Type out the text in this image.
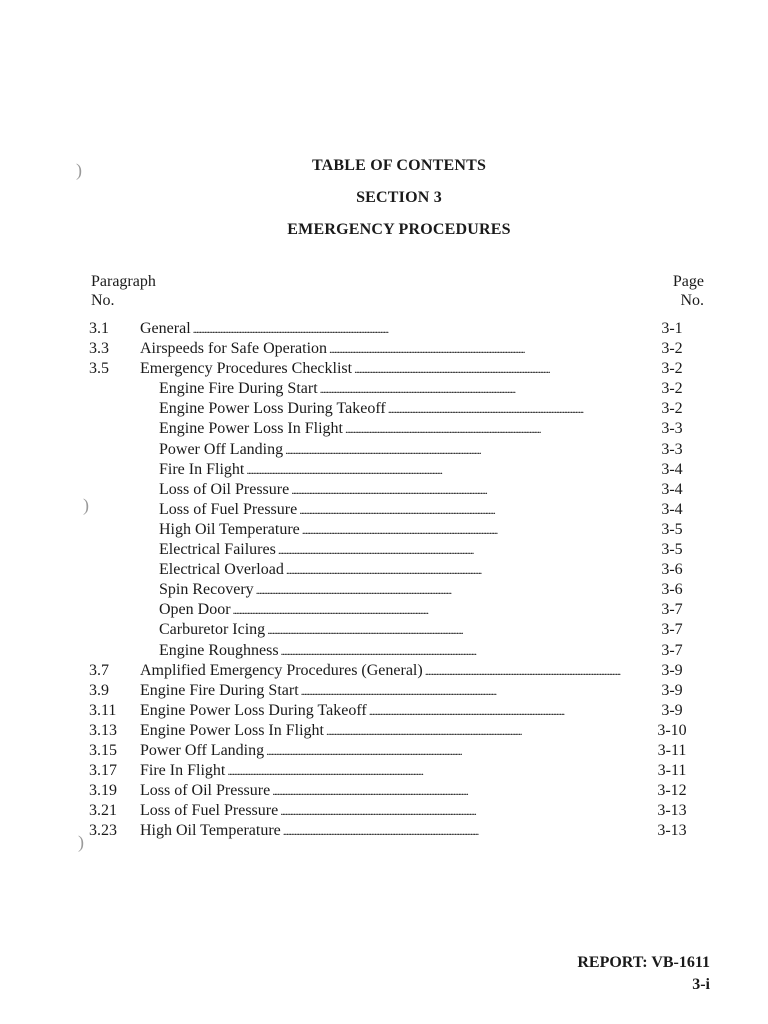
)
)
)
TABLE OF CONTENTS
SECTION 3
EMERGENCY PROCEDURES
Paragraph
No.
Page
No.
3.1 General . . .	3-1
3.3 Airspeeds for Safe Operation . . .	3-2
3.5 Emergency Procedures Checklist . . .	3-2
Engine Fire During Start . . .	3-2
Engine Power Loss During Takeoff . . .	3-2
Engine Power Loss In Flight . . .	3-3
Power Off Landing . . .	3-3
Fire In Flight . . .	3-4
Loss of Oil Pressure . . .	3-4
Loss of Fuel Pressure . . .	3-4
High Oil Temperature . . .	3-5
Electrical Failures . . .	3-5
Electrical Overload . . .	3-6
Spin Recovery . . .	3-6
Open Door . . .	3-7
Carburetor Icing . . .	3-7
Engine Roughness . . .	3-7
3.7 Amplified Emergency Procedures (General) . . .	3-9
3.9 Engine Fire During Start . . .	3-9
3.11 Engine Power Loss During Takeoff . . .	3-9
3.13 Engine Power Loss In Flight . . .	3-10
3.15 Power Off Landing . . .	3-11
3.17 Fire In Flight . . .	3-11
3.19 Loss of Oil Pressure . . .	3-12
3.21 Loss of Fuel Pressure . . .	3-13
3.23 High Oil Temperature . . .	3-13
REPORT: VB-1611
3-i
